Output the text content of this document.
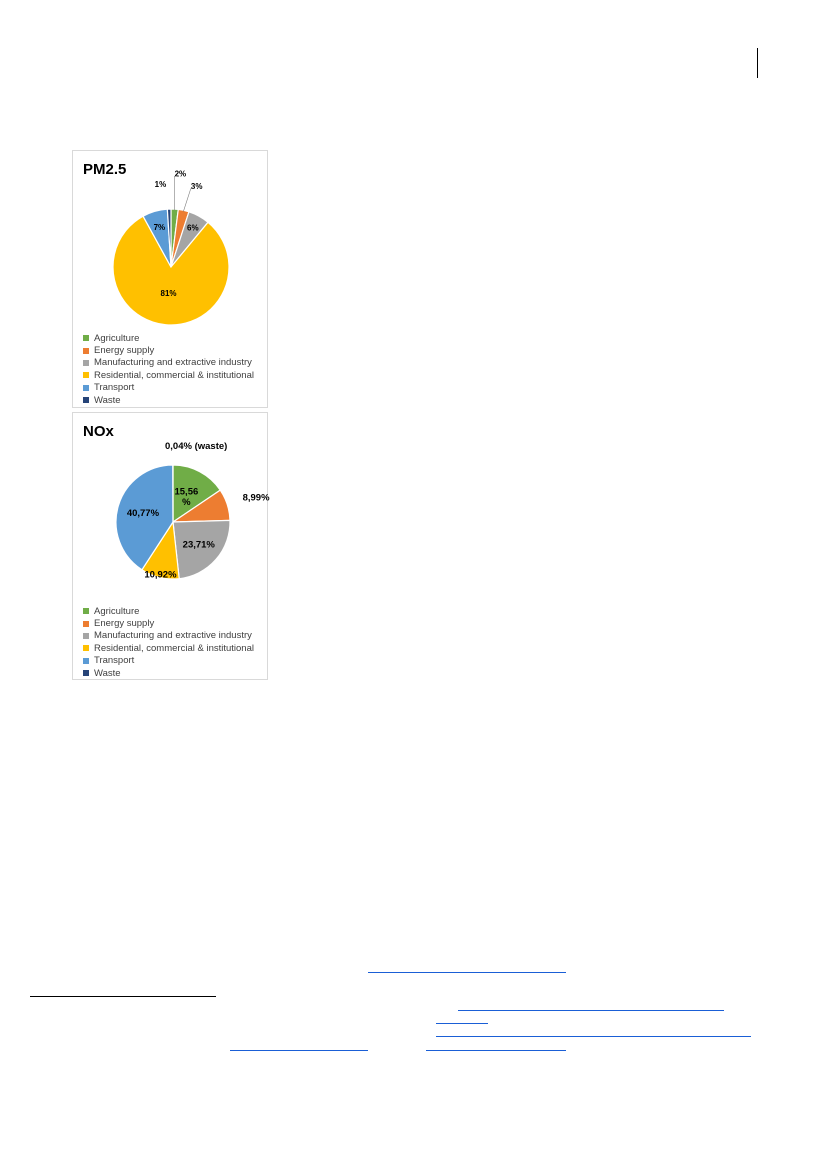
PM2.5	2%
3%
6%
81%
7%
1%
Agriculture
Energy supply
Manufacturing and extractive industry
Residential, commercial & institutional
Transport
Waste
NOx
0,04% (waste)
15,56 %	8,99%
23,71%
10,92%
40,77%
Agriculture
Energy supply
Manufacturing and extractive industry
Residential, commercial & institutional
Transport
Waste
